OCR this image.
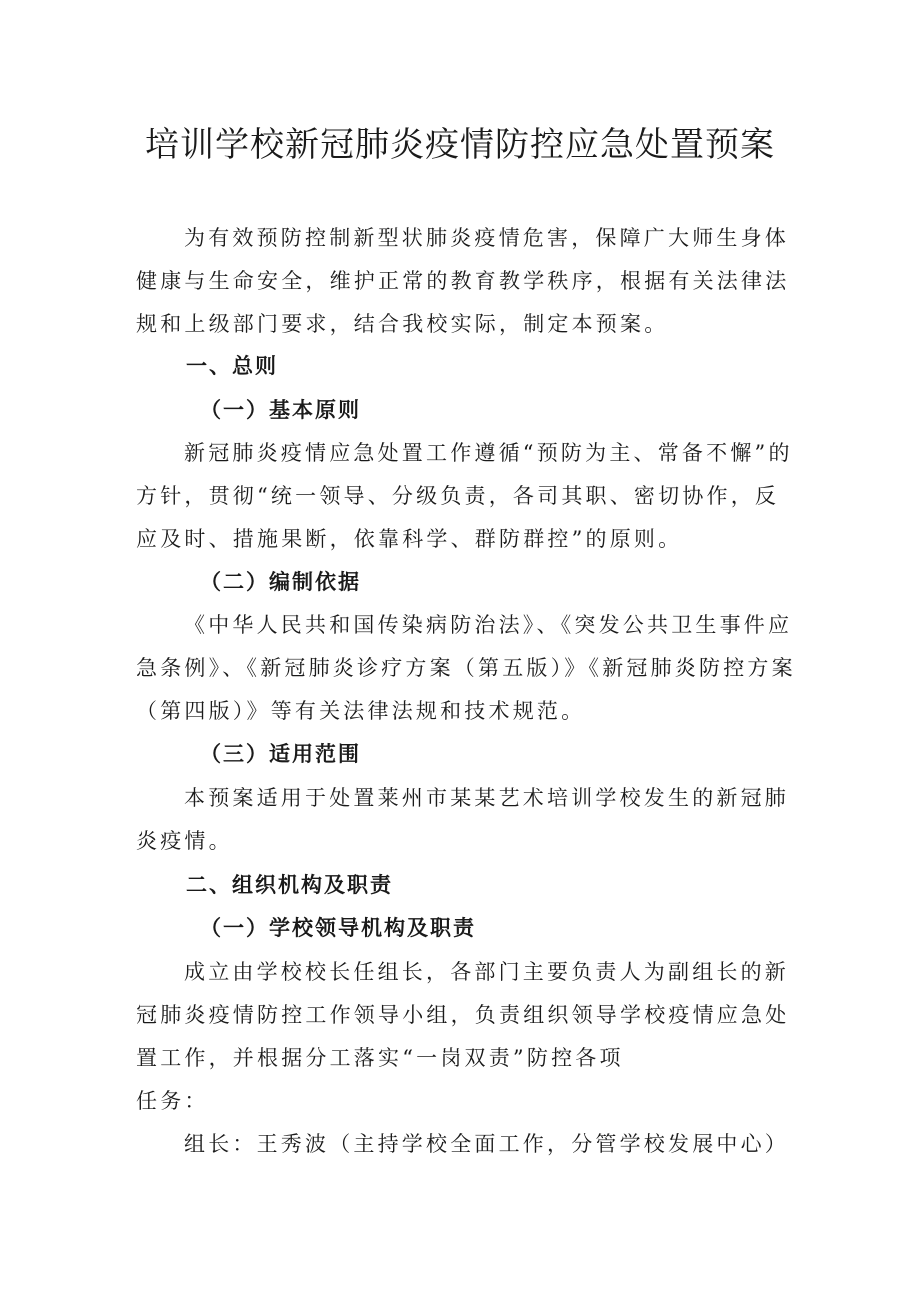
培训学校新冠肺炎疫情防控应急处置预案

为有效预防控制新型状肺炎疫情危害，保障广大师生身体健康与生命安全，维护正常的教育教学秩序，根据有关法律法规和上级部门要求，结合我校实际，制定本预案。

一、总则
（一）基本原则

新冠肺炎疫情应急处置工作遵循“预防为主、常备不懈”的方针，贯彻“统一领导、分级负责，各司其职、密切协作，反应及时、措施果断，依靠科学、群防群控”的原则。

（二）编制依据

《中华人民共和国传染病防治法》、《突发公共卫生事件应急条例》、《新冠肺炎诊疗方案（第五版）》《新冠肺炎防控方案（第四版）》等有关法律法规和技术规范。

（三）适用范围

本预案适用于处置莱州市某某艺术培训学校发生的新冠肺炎疫情。

二、组织机构及职责
（一）学校领导机构及职责

成立由学校校长任组长，各部门主要负责人为副组长的新冠肺炎疫情防控工作领导小组，负责组织领导学校疫情应急处置工作，并根据分工落实“一岗双责”防控各项

任务：

组长：王秀波（主持学校全面工作，分管学校发展中心）
